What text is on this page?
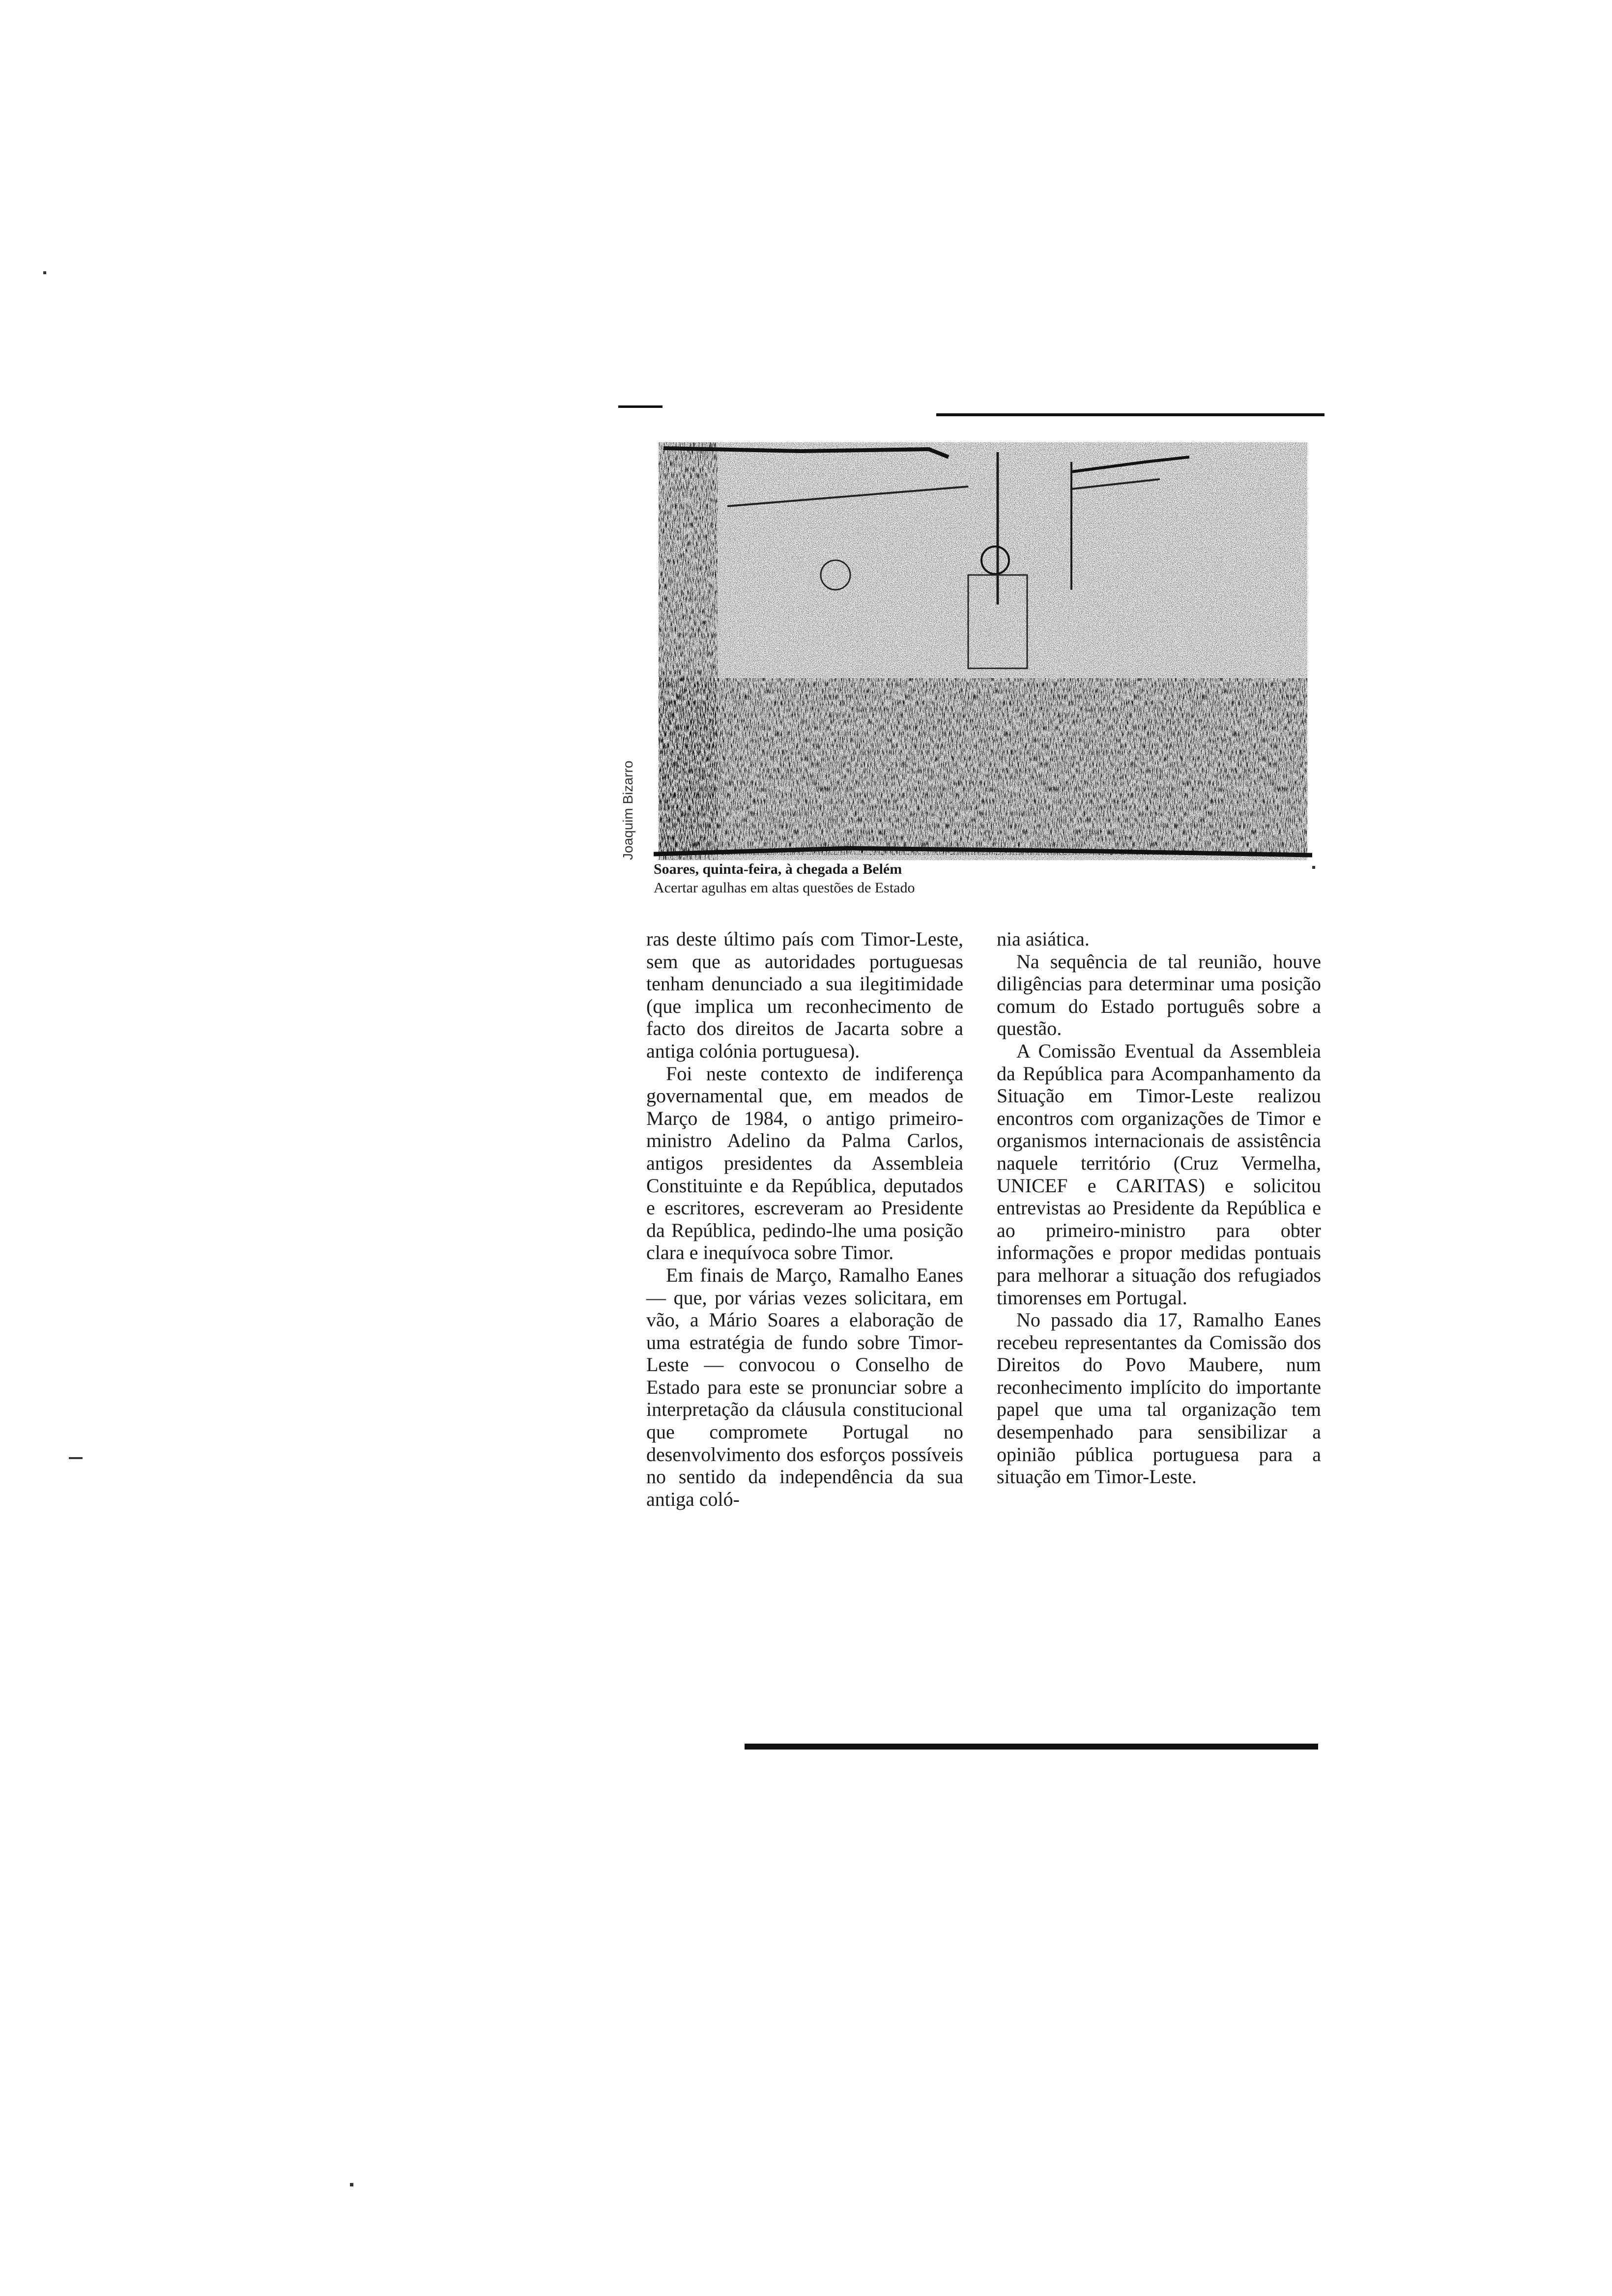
Joaquim Bizarro
Soares, quinta-feira, à chegada a Belém
Acertar agulhas em altas questões de Estado

ras deste último país com Timor-Leste, sem que as autoridades portuguesas tenham denunciado a sua ilegitimidade (que implica um reconhecimento de facto dos direitos de Jacarta sobre a antiga colónia portuguesa).

Foi neste contexto de indiferença governamental que, em meados de Março de 1984, o antigo primeiro-ministro Adelino da Palma Carlos, antigos presidentes da Assembleia Constituinte e da República, deputados e escritores, escreveram ao Presidente da República, pedindo-lhe uma posição clara e inequívoca sobre Timor.

Em finais de Março, Ramalho Eanes — que, por várias vezes solicitara, em vão, a Mário Soares a elaboração de uma estratégia de fundo sobre Timor-Leste — convocou o Conselho de Estado para este se pronunciar sobre a interpretação da cláusula constitucional que compromete Portugal no desenvolvimento dos esforços possíveis no sentido da independência da sua antiga coló-

nia asiática.

Na sequência de tal reunião, houve diligências para determinar uma posição comum do Estado português sobre a questão.

A Comissão Eventual da Assembleia da República para Acompanhamento da Situação em Timor-Leste realizou encontros com organizações de Timor e organismos internacionais de assistência naquele território (Cruz Vermelha, UNICEF e CARITAS) e solicitou entrevistas ao Presidente da República e ao primeiro-ministro para obter informações e propor medidas pontuais para melhorar a situação dos refugiados timorenses em Portugal.

No passado dia 17, Ramalho Eanes recebeu representantes da Comissão dos Direitos do Povo Maubere, num reconhecimento implícito do importante papel que uma tal organização tem desempenhado para sensibilizar a opinião pública portuguesa para a situação em Timor-Leste.
